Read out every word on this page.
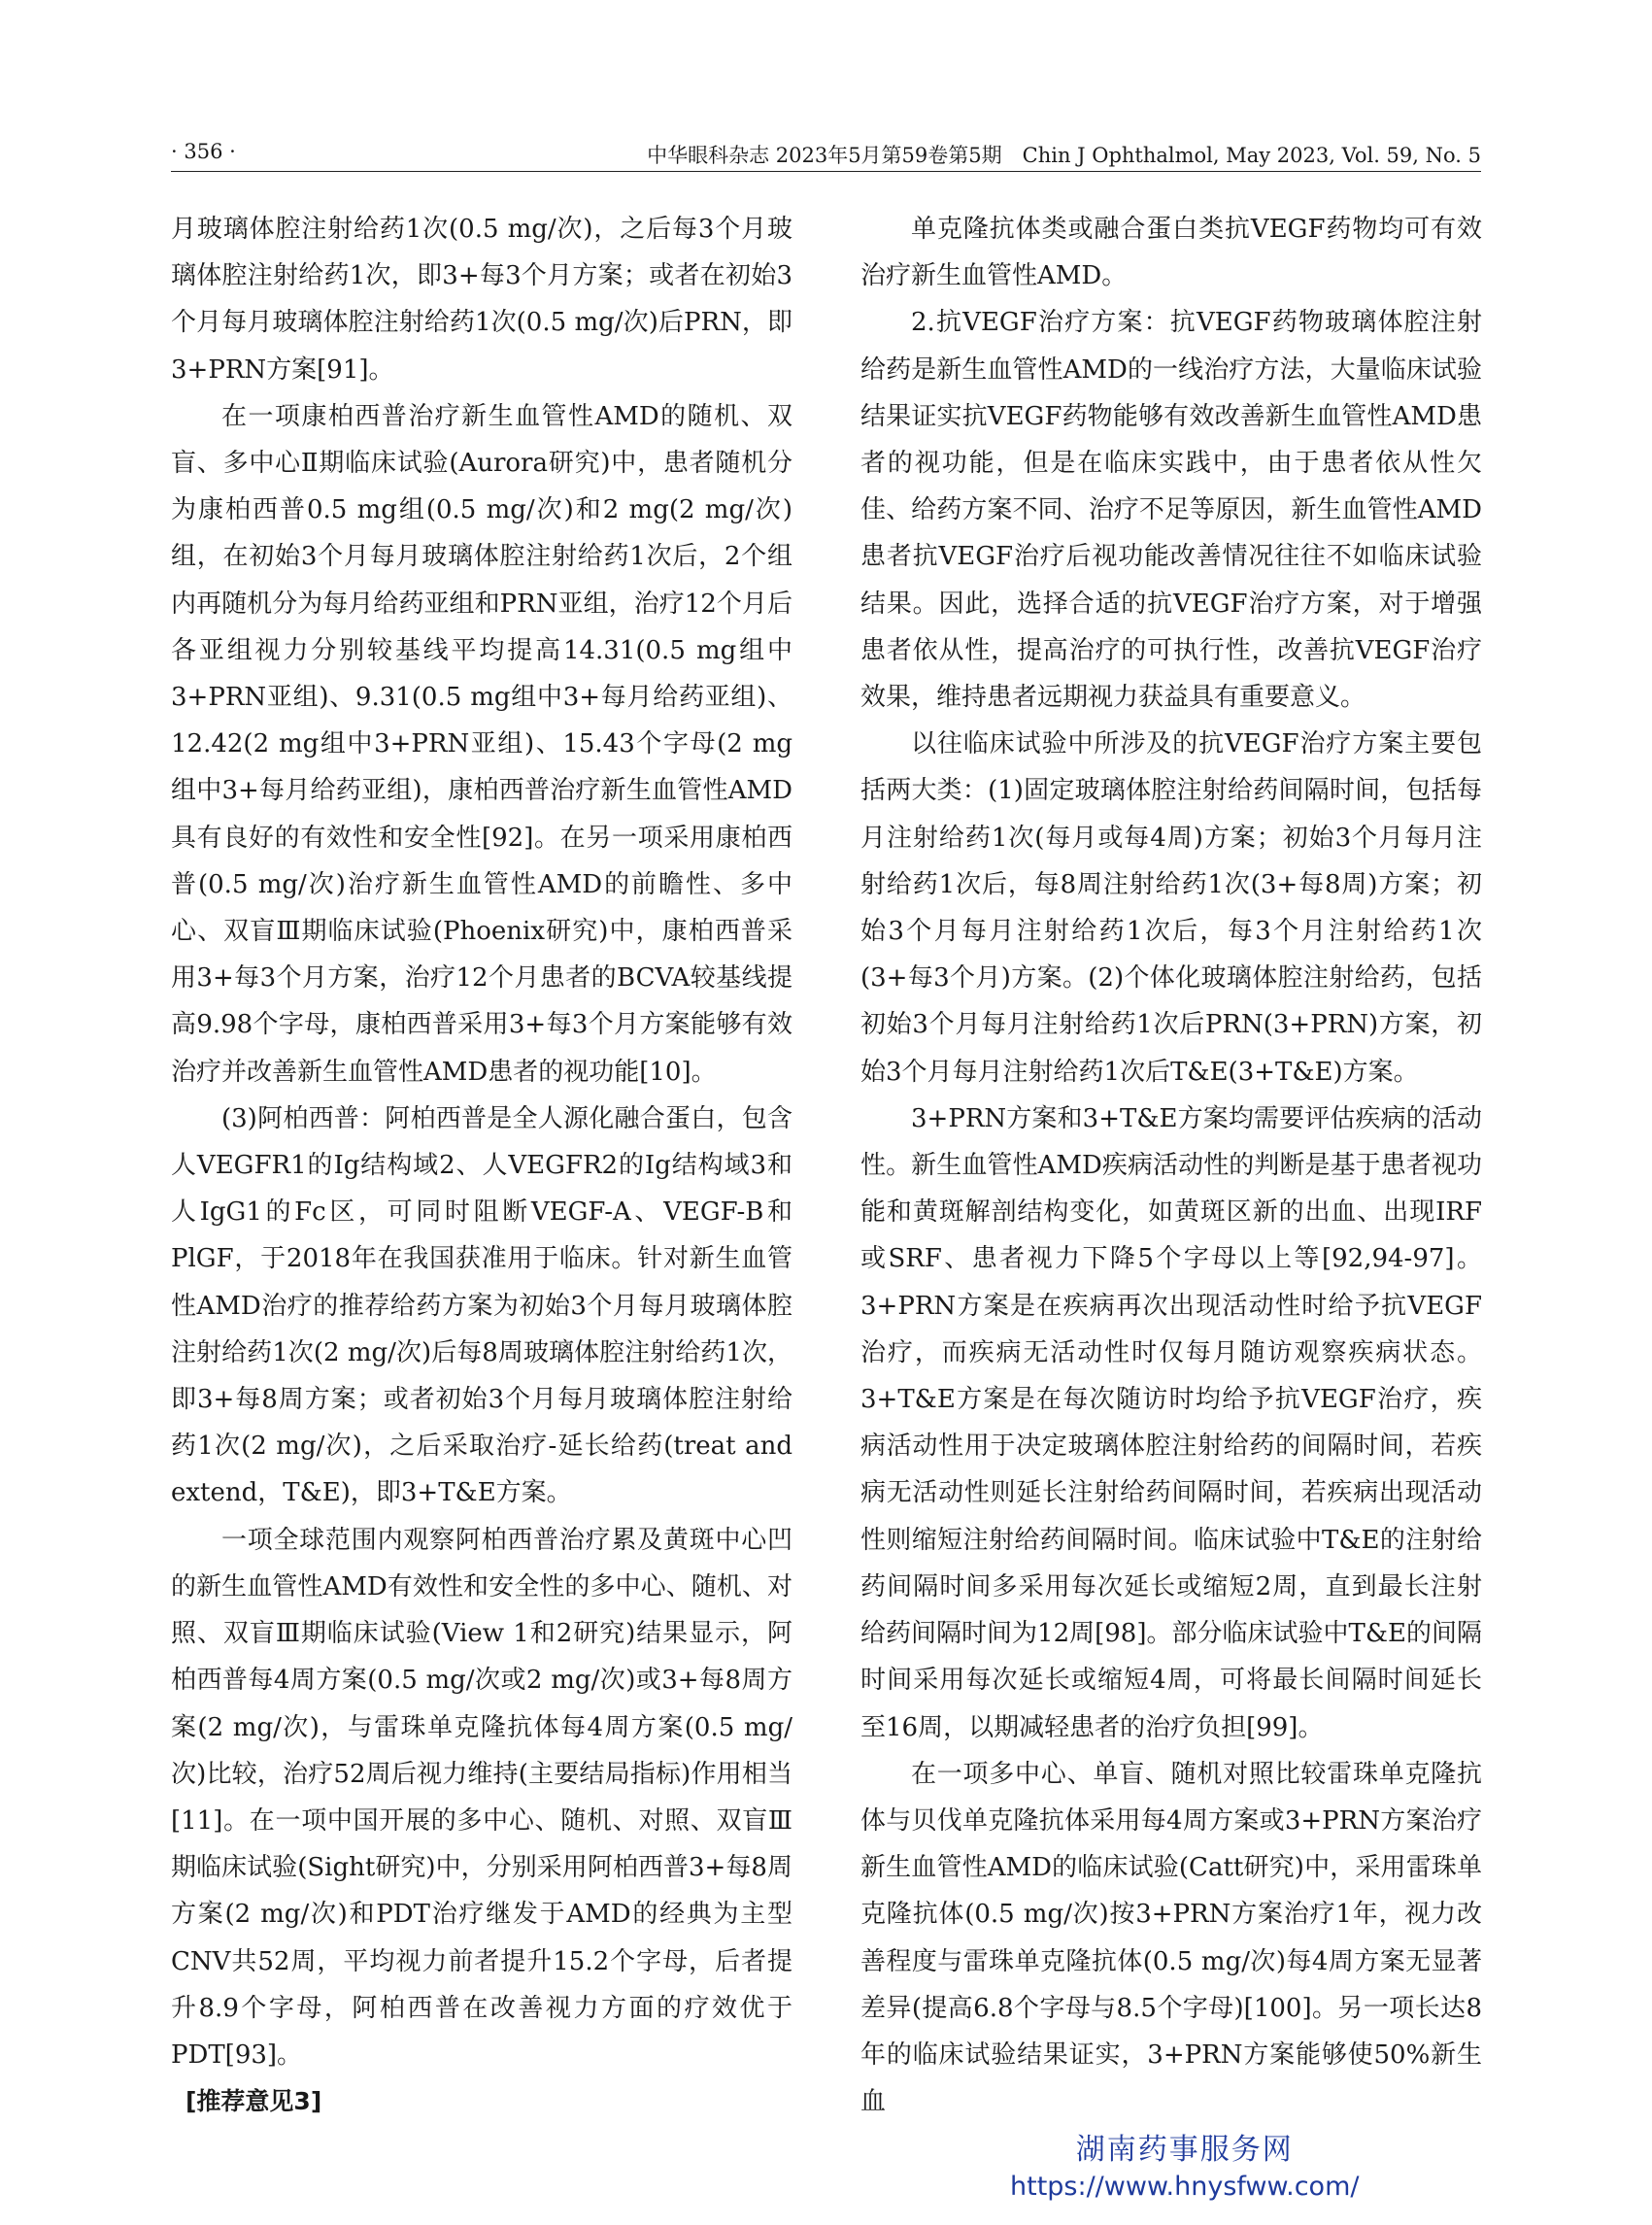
· 356 ·	中华眼科杂志 2023年5月第59卷第5期　Chin J Ophthalmol, May 2023, Vol. 59, No. 5

月玻璃体腔注射给药1次(0.5 mg/次)，之后每3个月玻璃体腔注射给药1次，即3+每3个月方案；或者在初始3个月每月玻璃体腔注射给药1次(0.5 mg/次)后PRN，即3+PRN方案[91]。

在一项康柏西普治疗新生血管性AMD的随机、双盲、多中心Ⅱ期临床试验(Aurora研究)中，患者随机分为康柏西普0.5 mg组(0.5 mg/次)和2 mg(2 mg/次)组，在初始3个月每月玻璃体腔注射给药1次后，2个组内再随机分为每月给药亚组和PRN亚组，治疗12个月后各亚组视力分别较基线平均提高14.31(0.5 mg组中3+PRN亚组)、9.31(0.5 mg组中3+每月给药亚组)、12.42(2 mg组中3+PRN亚组)、15.43个字母(2 mg组中3+每月给药亚组)，康柏西普治疗新生血管性AMD具有良好的有效性和安全性[92]。在另一项采用康柏西普(0.5 mg/次)治疗新生血管性AMD的前瞻性、多中心、双盲Ⅲ期临床试验(Phoenix研究)中，康柏西普采用3+每3个月方案，治疗12个月患者的BCVA较基线提高9.98个字母，康柏西普采用3+每3个月方案能够有效治疗并改善新生血管性AMD患者的视功能[10]。

(3)阿柏西普：阿柏西普是全人源化融合蛋白，包含人VEGFR1的Ig结构域2、人VEGFR2的Ig结构域3和人IgG1的Fc区，可同时阻断VEGF-A、VEGF-B和PlGF，于2018年在我国获准用于临床。针对新生血管性AMD治疗的推荐给药方案为初始3个月每月玻璃体腔注射给药1次(2 mg/次)后每8周玻璃体腔注射给药1次，即3+每8周方案；或者初始3个月每月玻璃体腔注射给药1次(2 mg/次)，之后采取治疗-延长给药(treat and extend，T&E)，即3+T&E方案。

一项全球范围内观察阿柏西普治疗累及黄斑中心凹的新生血管性AMD有效性和安全性的多中心、随机、对照、双盲Ⅲ期临床试验(View 1和2研究)结果显示，阿柏西普每4周方案(0.5 mg/次或2 mg/次)或3+每8周方案(2 mg/次)，与雷珠单克隆抗体每4周方案(0.5 mg/次)比较，治疗52周后视力维持(主要结局指标)作用相当[11]。在一项中国开展的多中心、随机、对照、双盲Ⅲ期临床试验(Sight研究)中，分别采用阿柏西普3+每8周方案(2 mg/次)和PDT治疗继发于AMD的经典为主型CNV共52周，平均视力前者提升15.2个字母，后者提升8.9个字母，阿柏西普在改善视力方面的疗效优于PDT[93]。

[推荐意见3]

单克隆抗体类或融合蛋白类抗VEGF药物均可有效治疗新生血管性AMD。

2.抗VEGF治疗方案：抗VEGF药物玻璃体腔注射给药是新生血管性AMD的一线治疗方法，大量临床试验结果证实抗VEGF药物能够有效改善新生血管性AMD患者的视功能，但是在临床实践中，由于患者依从性欠佳、给药方案不同、治疗不足等原因，新生血管性AMD患者抗VEGF治疗后视功能改善情况往往不如临床试验结果。因此，选择合适的抗VEGF治疗方案，对于增强患者依从性，提高治疗的可执行性，改善抗VEGF治疗效果，维持患者远期视力获益具有重要意义。

以往临床试验中所涉及的抗VEGF治疗方案主要包括两大类：(1)固定玻璃体腔注射给药间隔时间，包括每月注射给药1次(每月或每4周)方案；初始3个月每月注射给药1次后，每8周注射给药1次(3+每8周)方案；初始3个月每月注射给药1次后，每3个月注射给药1次(3+每3个月)方案。(2)个体化玻璃体腔注射给药，包括初始3个月每月注射给药1次后PRN(3+PRN)方案，初始3个月每月注射给药1次后T&E(3+T&E)方案。

3+PRN方案和3+T&E方案均需要评估疾病的活动性。新生血管性AMD疾病活动性的判断是基于患者视功能和黄斑解剖结构变化，如黄斑区新的出血、出现IRF或SRF、患者视力下降5个字母以上等[92,94-97]。3+PRN方案是在疾病再次出现活动性时给予抗VEGF治疗，而疾病无活动性时仅每月随访观察疾病状态。3+T&E方案是在每次随访时均给予抗VEGF治疗，疾病活动性用于决定玻璃体腔注射给药的间隔时间，若疾病无活动性则延长注射给药间隔时间，若疾病出现活动性则缩短注射给药间隔时间。临床试验中T&E的注射给药间隔时间多采用每次延长或缩短2周，直到最长注射给药间隔时间为12周[98]。部分临床试验中T&E的间隔时间采用每次延长或缩短4周，可将最长间隔时间延长至16周，以期减轻患者的治疗负担[99]。

在一项多中心、单盲、随机对照比较雷珠单克隆抗体与贝伐单克隆抗体采用每4周方案或3+PRN方案治疗新生血管性AMD的临床试验(Catt研究)中，采用雷珠单克隆抗体(0.5 mg/次)按3+PRN方案治疗1年，视力改善程度与雷珠单克隆抗体(0.5 mg/次)每4周方案无显著差异(提高6.8个字母与8.5个字母)[100]。另一项长达8年的临床试验结果证实，3+PRN方案能够使50%新生血

湖南药事服务网
https://www.hnysfww.com/
